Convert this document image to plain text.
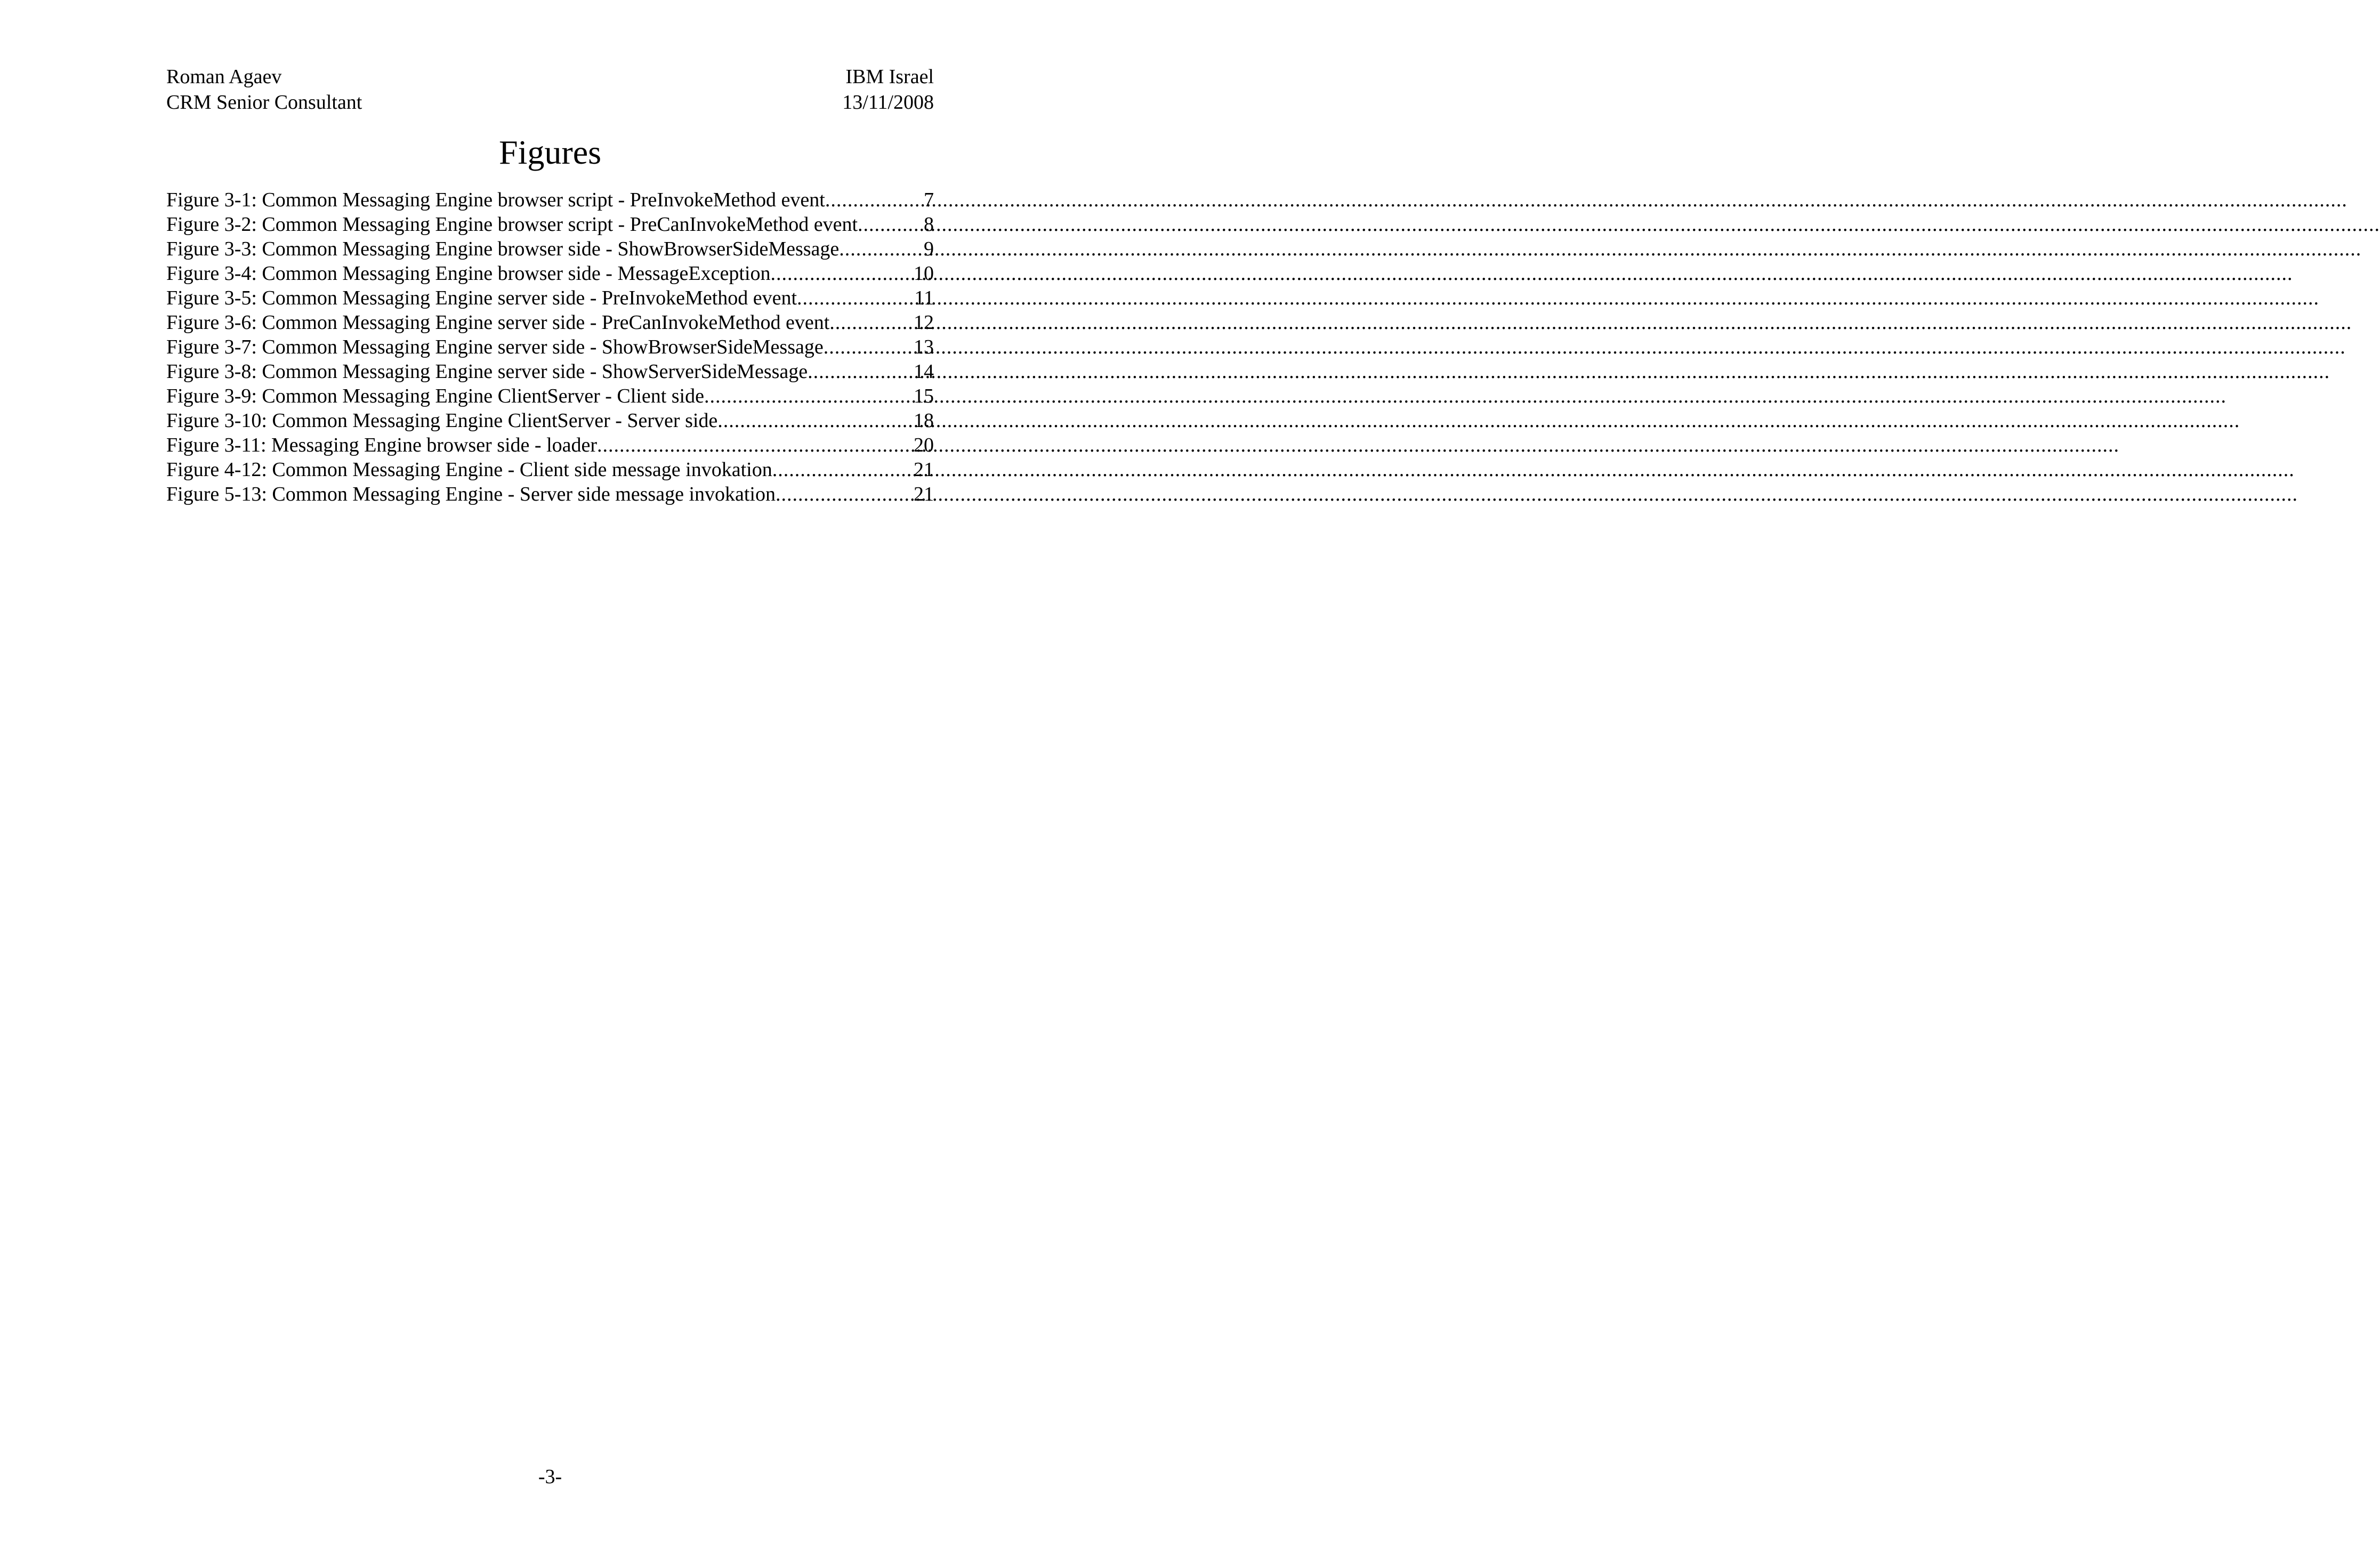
Roman Agaev	IBM Israel
CRM Senior Consultant	13/11/2008
Figures
Figure 3-1: Common Messaging Engine browser script - PreInvokeMethod event .....	7
Figure 3-2: Common Messaging Engine browser script - PreCanInvokeMethod event .....	8
Figure 3-3: Common Messaging Engine browser side - ShowBrowserSideMessage .....	9
Figure 3-4: Common Messaging Engine browser side - MessageException .....	10
Figure 3-5: Common Messaging Engine server side - PreInvokeMethod event .....	11
Figure 3-6: Common Messaging Engine server side - PreCanInvokeMethod event .....	12
Figure 3-7: Common Messaging Engine server side - ShowBrowserSideMessage .....	13
Figure 3-8: Common Messaging Engine server side - ShowServerSideMessage .....	14
Figure 3-9: Common Messaging Engine ClientServer - Client side .....	15
Figure 3-10: Common Messaging Engine ClientServer - Server side .....	18
Figure 3-11: Messaging Engine browser side - loader .....	20
Figure 4-12: Common Messaging Engine - Client side message invokation .....	21
Figure 5-13: Common Messaging Engine - Server side message invokation .....	21
-3-
